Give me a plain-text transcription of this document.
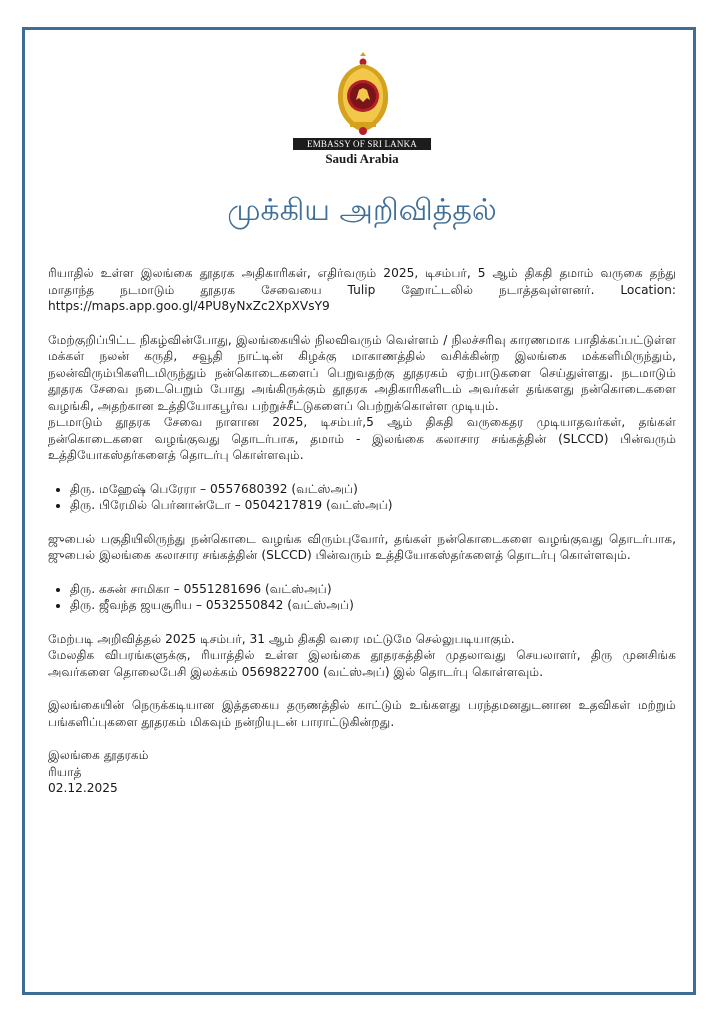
EMBASSY OF SRI LANKA
Saudi Arabia
முக்கிய அறிவித்தல்

ரியாதில் உள்ள இலங்கை தூதரக அதிகாரிகள், எதிர்வரும் 2025, டிசம்பர், 5 ஆம் திகதி தமாம் வருகை தந்து மாதாந்த நடமாடும் தூதரக சேவையை Tulip ஹோட்டலில் நடாத்தவுள்ளனர். Location: https://maps.app.goo.gl/4PU8yNxZc2XpXVsY9

மேற்குறிப்பிட்ட நிகழ்வின்போது, இலங்கையில் நிலவிவரும் வெள்ளம் / நிலச்சரிவு காரணமாக பாதிக்கப்பட்டுள்ள மக்கள் நலன் கருதி, சவூதி நாட்டின் கிழக்கு மாகாணத்தில் வசிக்கின்ற இலங்கை மக்களிமிருந்தும், நலன்விரும்பிகளிடமிருந்தும் நன்கொடைகளைப் பெறுவதற்கு தூதரகம் ஏற்பாடுகளை செய்துள்ளது. நடமாடும் தூதரக சேவை நடைபெறும் போது அங்கிருக்கும் தூதரக அதிகாரிகளிடம் அவர்கள் தங்களது நன்கொடைகளை வழங்கி, அதற்கான உத்தியோகபூர்வ பற்றுச்சீட்டுகளைப் பெற்றுக்கொள்ள முடியும்.

நடமாடும் தூதரக சேவை நாளான 2025, டிசம்பர்,5 ஆம் திகதி வருகைதர முடியாதவர்கள், தங்கள் நன்கொடைகளை வழங்குவது தொடர்பாக, தமாம் - இலங்கை கலாசார சங்கத்தின் (SLCCD) பின்வரும் உத்தியோகஸ்தர்களைத் தொடர்பு கொள்ளவும்.

• திரு. மஹேஷ் பெரேரா – 0557680392 (வட்ஸ்அப்)
• திரு. பிரேமில் பெர்னான்டோ – 0504217819 (வட்ஸ்அப்)

ஜுபைல் பகுதியிலிருந்து நன்கொடை வழங்க விரும்புவோர், தங்கள் நன்கொடைகளை வழங்குவது தொடர்பாக, ஜுபைல் இலங்கை கலாசார சங்கத்தின் (SLCCD) பின்வரும் உத்தியோகஸ்தர்களைத் தொடர்பு கொள்ளவும்.

• திரு. கசுன் சாமிகா – 0551281696 (வட்ஸ்அப்)
• திரு. ஜீவந்த ஜயசூரிய – 0532550842 (வட்ஸ்அப்)

மேற்படி அறிவித்தல் 2025 டிசம்பர், 31 ஆம் திகதி வரை மட்டுமே செல்லுபடியாகும்.

மேலதிக விபரங்களுக்கு, ரியாத்தில் உள்ள இலங்கை தூதரகத்தின் முதலாவது செயலாளர், திரு முனசிங்க அவர்களை தொலைபேசி இலக்கம் 0569822700 (வட்ஸ்அப்) இல் தொடர்பு கொள்ளவும்.

இலங்கையின் நெருக்கடியான இத்தகைய தருணத்தில் காட்டும் உங்களது பரந்தமனதுடனான உதவிகள் மற்றும் பங்களிப்புகளை தூதரகம் மிகவும் நன்றியுடன் பாராட்டுகின்றது.

இலங்கை தூதரகம்

ரியாத்

02.12.2025
